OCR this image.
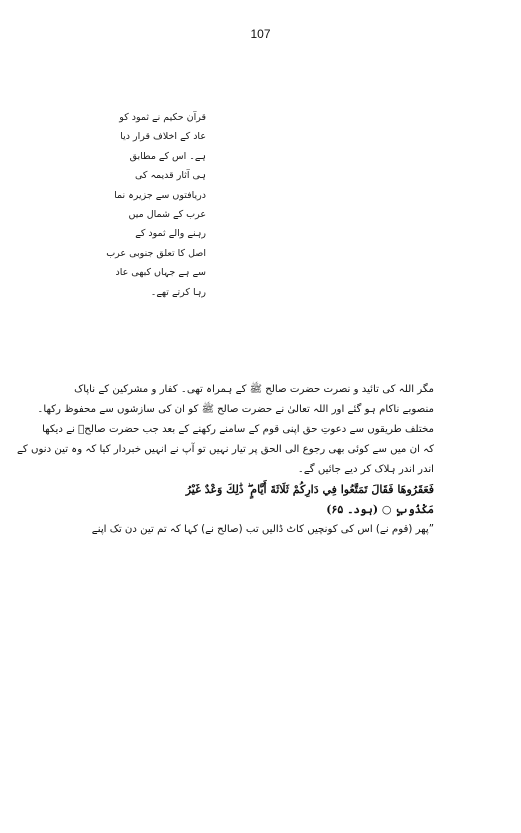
107
قرآن حکیم نے ثمود کو
عاد کے اخلاف قرار دیا
ہے۔ اس کے مطابق
ہی آثار قدیمہ کی
دریافتوں سے جزیرہ نما
عرب کے شمال میں
رہنے والے ثمود کے
اصل کا تعلق جنوبی عرب
سے ہے جہاں کبھی عاد
رہا کرتے تھے۔
مگر اللہ کی تائید و نصرت حضرت صالح ﷺ کے ہمراہ تھی۔ کفار و مشرکین کے ناپاک
منصوبے ناکام ہو گئے اور اللہ تعالیٰ نے حضرت صالح ﷺ کو ان کی سازشوں سے محفوظ رکھا۔
مختلف طریقوں سے دعوتِ حق اپنی قوم کے سامنے رکھنے کے بعد جب حضرت صالحؑ نے دیکھا
کہ ان میں سے کوئی بھی رجوع الی الحق پر تیار نہیں تو آپ نے انہیں خبردار کیا کہ وہ تین دنوں کے
اندر اندر ہلاک کر دیے جائیں گے۔
فَعَقَرُوهَا فَقَالَ تَمَتَّعُوا فِي دَارِكُمْ ثَلَاثَةَ أَيَّامٍ ۖ ذَٰلِكَ وَعْدٌ غَيْرُ
مَكْذُوبٍ ○ (ہود۔ ۶۵)
”پھر (قوم نے) اس کی کونچیں کاٹ ڈالیں تب (صالح نے) کہا کہ تم تین دن تک اپنے
